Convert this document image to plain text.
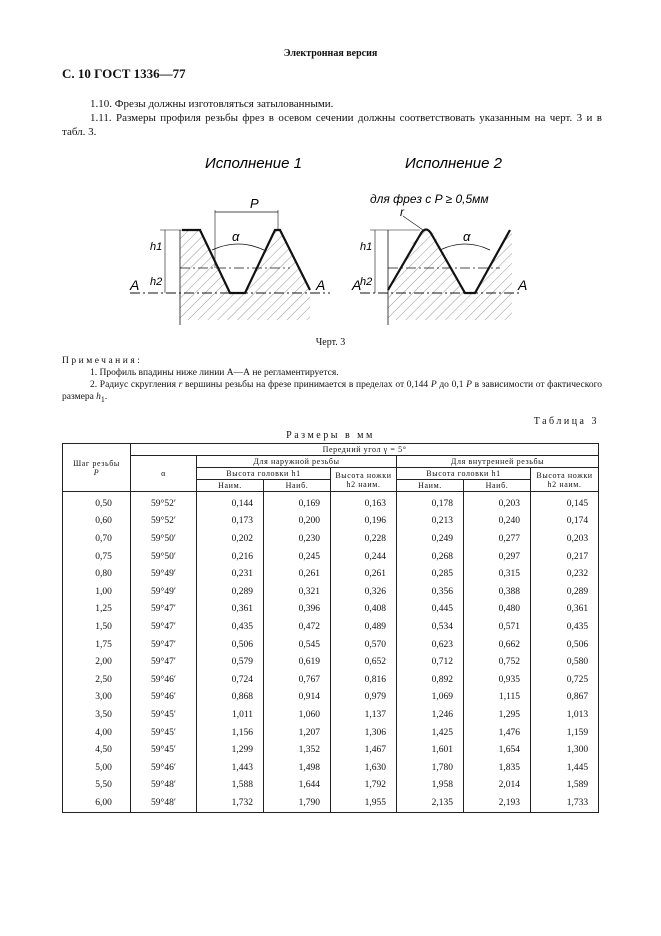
Электронная версия
С. 10 ГОСТ 1336—77
1.10. Фрезы должны изготовляться затылованными.
1.11. Размеры профиля резьбы фрез в осевом сечении должны соответствовать указанным на черт. 3 и в табл. 3.
Исполнение 1
P
α
h1
h2
A	A
Исполнение 2
для фрез с P ≥ 0,5мм
r
α
h1
h2
A	A
Черт. 3
Примечания:
1. Профиль впадины ниже линии А—А не регламентируется.
2. Радиус скругления r вершины резьбы на фрезе принимается в пределах от 0,144 P до 0,1 P в зависимости от фактического размера $h_1$.
Таблица 3
Размеры в мм
Шаг резьбы
P	Передний угол γ = 5°						
	α	Для наружной резьбы			Для внутренней резьбы		
		Высота головки h1		Высота ножки h2 наим.	Высота головки h1		Высота ножки h2 наим.
		Наим.	Наиб.		Наим.	Наиб.	
0,50	59°52′	0,144	0,169	0,163	0,178	0,203	0,145
0,60	59°52′	0,173	0,200	0,196	0,213	0,240	0,174
0,70	59°50′	0,202	0,230	0,228	0,249	0,277	0,203
0,75	59°50′	0,216	0,245	0,244	0,268	0,297	0,217
0,80	59°49′	0,231	0,261	0,261	0,285	0,315	0,232
1,00	59°49′	0,289	0,321	0,326	0,356	0,388	0,289
1,25	59°47′	0,361	0,396	0,408	0,445	0,480	0,361
1,50	59°47′	0,435	0,472	0,489	0,534	0,571	0,435
1,75	59°47′	0,506	0,545	0,570	0,623	0,662	0,506
2,00	59°47′	0,579	0,619	0,652	0,712	0,752	0,580
2,50	59°46′	0,724	0,767	0,816	0,892	0,935	0,725
3,00	59°46′	0,868	0,914	0,979	1,069	1,115	0,867
3,50	59°45′	1,011	1,060	1,137	1,246	1,295	1,013
4,00	59°45′	1,156	1,207	1,306	1,425	1,476	1,159
4,50	59°45′	1,299	1,352	1,467	1,601	1,654	1,300
5,00	59°46′	1,443	1,498	1,630	1,780	1,835	1,445
5,50	59°48′	1,588	1,644	1,792	1,958	2,014	1,589
6,00	59°48′	1,732	1,790	1,955	2,135	2,193	1,733
